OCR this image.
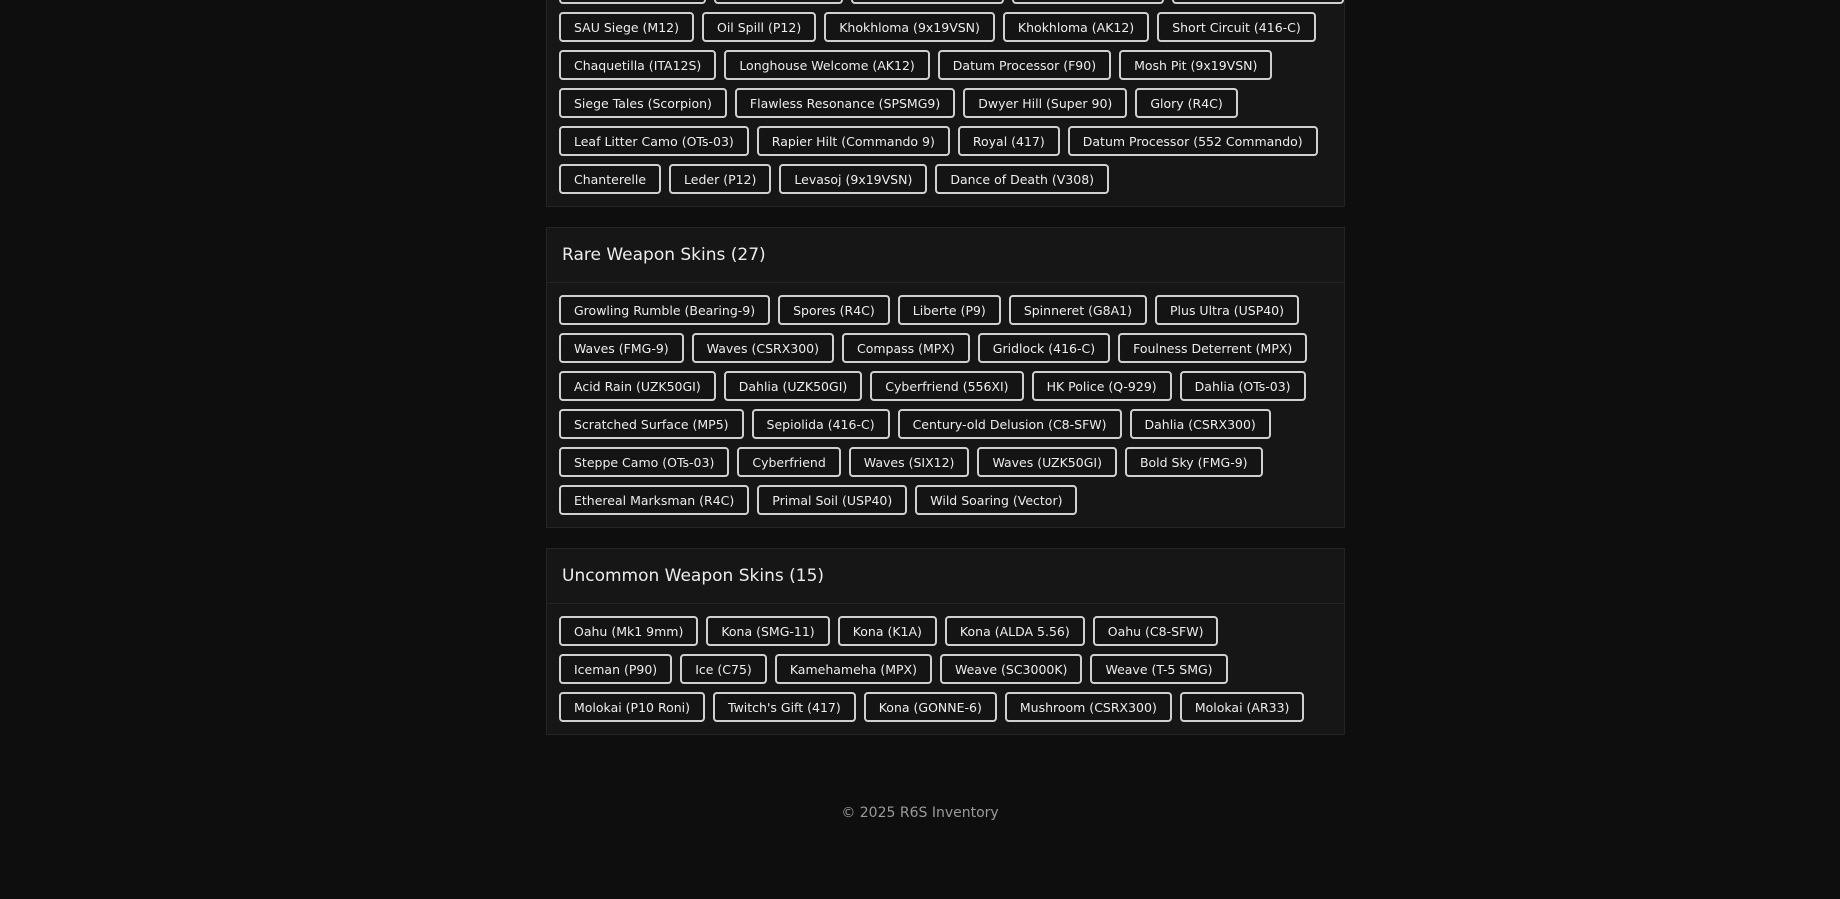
SAU Siege (M12)	Oil Spill (P12)	Khokhloma (9x19VSN)	Khokhloma (AK12)	Short Circuit (416-C)
Chaquetilla (ITA12S)	Longhouse Welcome (AK12)	Datum Processor (F90)	Mosh Pit (9x19VSN)
Siege Tales (Scorpion)	Flawless Resonance (SPSMG9)	Dwyer Hill (Super 90)	Glory (R4C)
Leaf Litter Camo (OTs-03)	Rapier Hilt (Commando 9)	Royal (417)	Datum Processor (552 Commando)
Chanterelle	Leder (P12)	Levasoj (9x19VSN)	Dance of Death (V308)
Rare Weapon Skins (27)
Growling Rumble (Bearing-9)	Spores (R4C)	Liberte (P9)	Spinneret (G8A1)	Plus Ultra (USP40)
Waves (FMG-9)	Waves (CSRX300)	Compass (MPX)	Gridlock (416-C)	Foulness Deterrent (MPX)
Acid Rain (UZK50GI)	Dahlia (UZK50GI)	Cyberfriend (556XI)	HK Police (Q-929)	Dahlia (OTs-03)
Scratched Surface (MP5)	Sepiolida (416-C)	Century-old Delusion (C8-SFW)	Dahlia (CSRX300)
Steppe Camo (OTs-03)	Cyberfriend	Waves (SIX12)	Waves (UZK50GI)	Bold Sky (FMG-9)
Ethereal Marksman (R4C)	Primal Soil (USP40)	Wild Soaring (Vector)
Uncommon Weapon Skins (15)
Oahu (Mk1 9mm)	Kona (SMG-11)	Kona (K1A)	Kona (ALDA 5.56)	Oahu (C8-SFW)
Iceman (P90)	Ice (C75)	Kamehameha (MPX)	Weave (SC3000K)	Weave (T-5 SMG)
Molokai (P10 Roni)	Twitch's Gift (417)	Kona (GONNE-6)	Mushroom (CSRX300)	Molokai (AR33)
© 2025 R6S Inventory
